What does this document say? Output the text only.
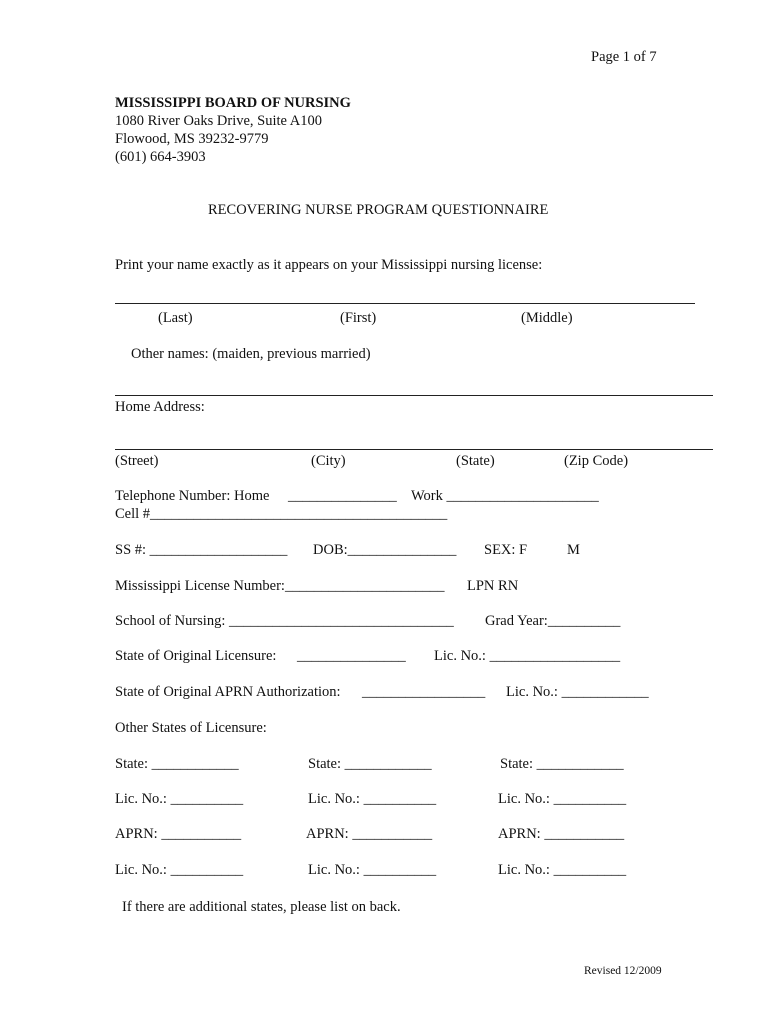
Page 1 of 7
MISSISSIPPI BOARD OF NURSING
1080 River Oaks Drive, Suite A100
Flowood, MS 39232-9779
(601) 664-3903
RECOVERING NURSE PROGRAM QUESTIONNAIRE
Print your name exactly as it appears on your Mississippi nursing license:
(Last)	(First)	(Middle)
Other names: (maiden, previous married)
Home Address:
(Street)	(City)	(State)	(Zip Code)
Telephone Number: Home _______________ Work _____________________
Cell #_________________________________________
SS #: ___________________ DOB:_______________ SEX: F	M
Mississippi License Number:______________________ LPN RN
School of Nursing: _______________________________ Grad Year:__________
State of Original Licensure: _______________ Lic. No.: __________________
State of Original APRN Authorization: _________________ Lic. No.: ____________
Other States of Licensure:
State: ____________	State: ____________	State: ____________
Lic. No.: __________	Lic. No.: __________	Lic. No.: __________
APRN: ___________	APRN: ___________	APRN: ___________
Lic. No.: __________	Lic. No.: __________	Lic. No.: __________
If there are additional states, please list on back.
Revised 12/2009
